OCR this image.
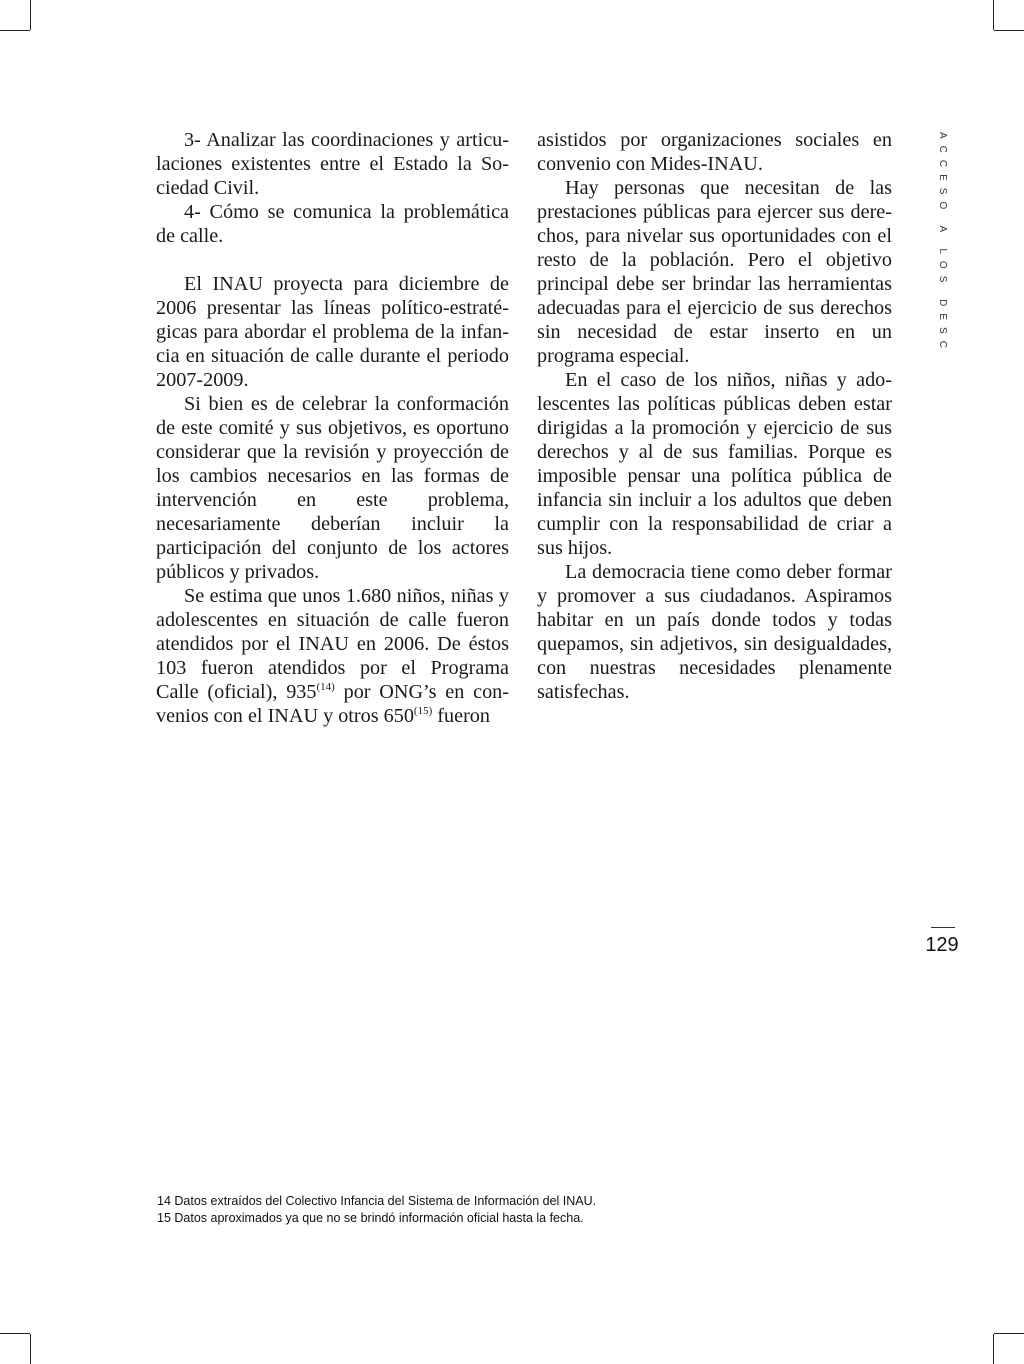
3- Analizar las coordinaciones y articulaciones existentes entre el Estado la Sociedad Civil.

4- Cómo se comunica la problemática de calle.

El INAU proyecta para diciembre de 2006 presentar las líneas político-estratégicas para abordar el problema de la infancia en situación de calle durante el periodo 2007-2009.

Si bien es de celebrar la conformación de este comité y sus objetivos, es oportuno considerar que la revisión y proyección de los cambios necesarios en las formas de intervención en este problema, necesariamente deberían incluir la participación del conjunto de los actores públicos y privados.

Se estima que unos 1.680 niños, niñas y adolescentes en situación de calle fueron atendidos por el INAU en 2006. De éstos 103 fueron atendidos por el Programa Calle (oficial), 935$^{(14)}$ por ONG’s en convenios con el INAU y otros 650$^{(15)}$ fueron

asistidos por organizaciones sociales en convenio con Mides-INAU.

Hay personas que necesitan de las prestaciones públicas para ejercer sus derechos, para nivelar sus oportunidades con el resto de la población. Pero el objetivo principal debe ser brindar las herramientas adecuadas para el ejercicio de sus derechos sin necesidad de estar inserto en un programa especial.

En el caso de los niños, niñas y adolescentes las políticas públicas deben estar dirigidas a la promoción y ejercicio de sus derechos y al de sus familias. Porque es imposible pensar una política pública de infancia sin incluir a los adultos que deben cumplir con la responsabilidad de criar a sus hijos.

La democracia tiene como deber formar y promover a sus ciudadanos. Aspiramos habitar en un país donde todos y todas quepamos, sin adjetivos, sin desigualdades, con nuestras necesidades plenamente satisfechas.

ACCESO A LOS DESC
129
14 Datos extraídos del Colectivo Infancia del Sistema de Información del INAU.
15 Datos aproximados ya que no se brindó información oficial hasta la fecha.
